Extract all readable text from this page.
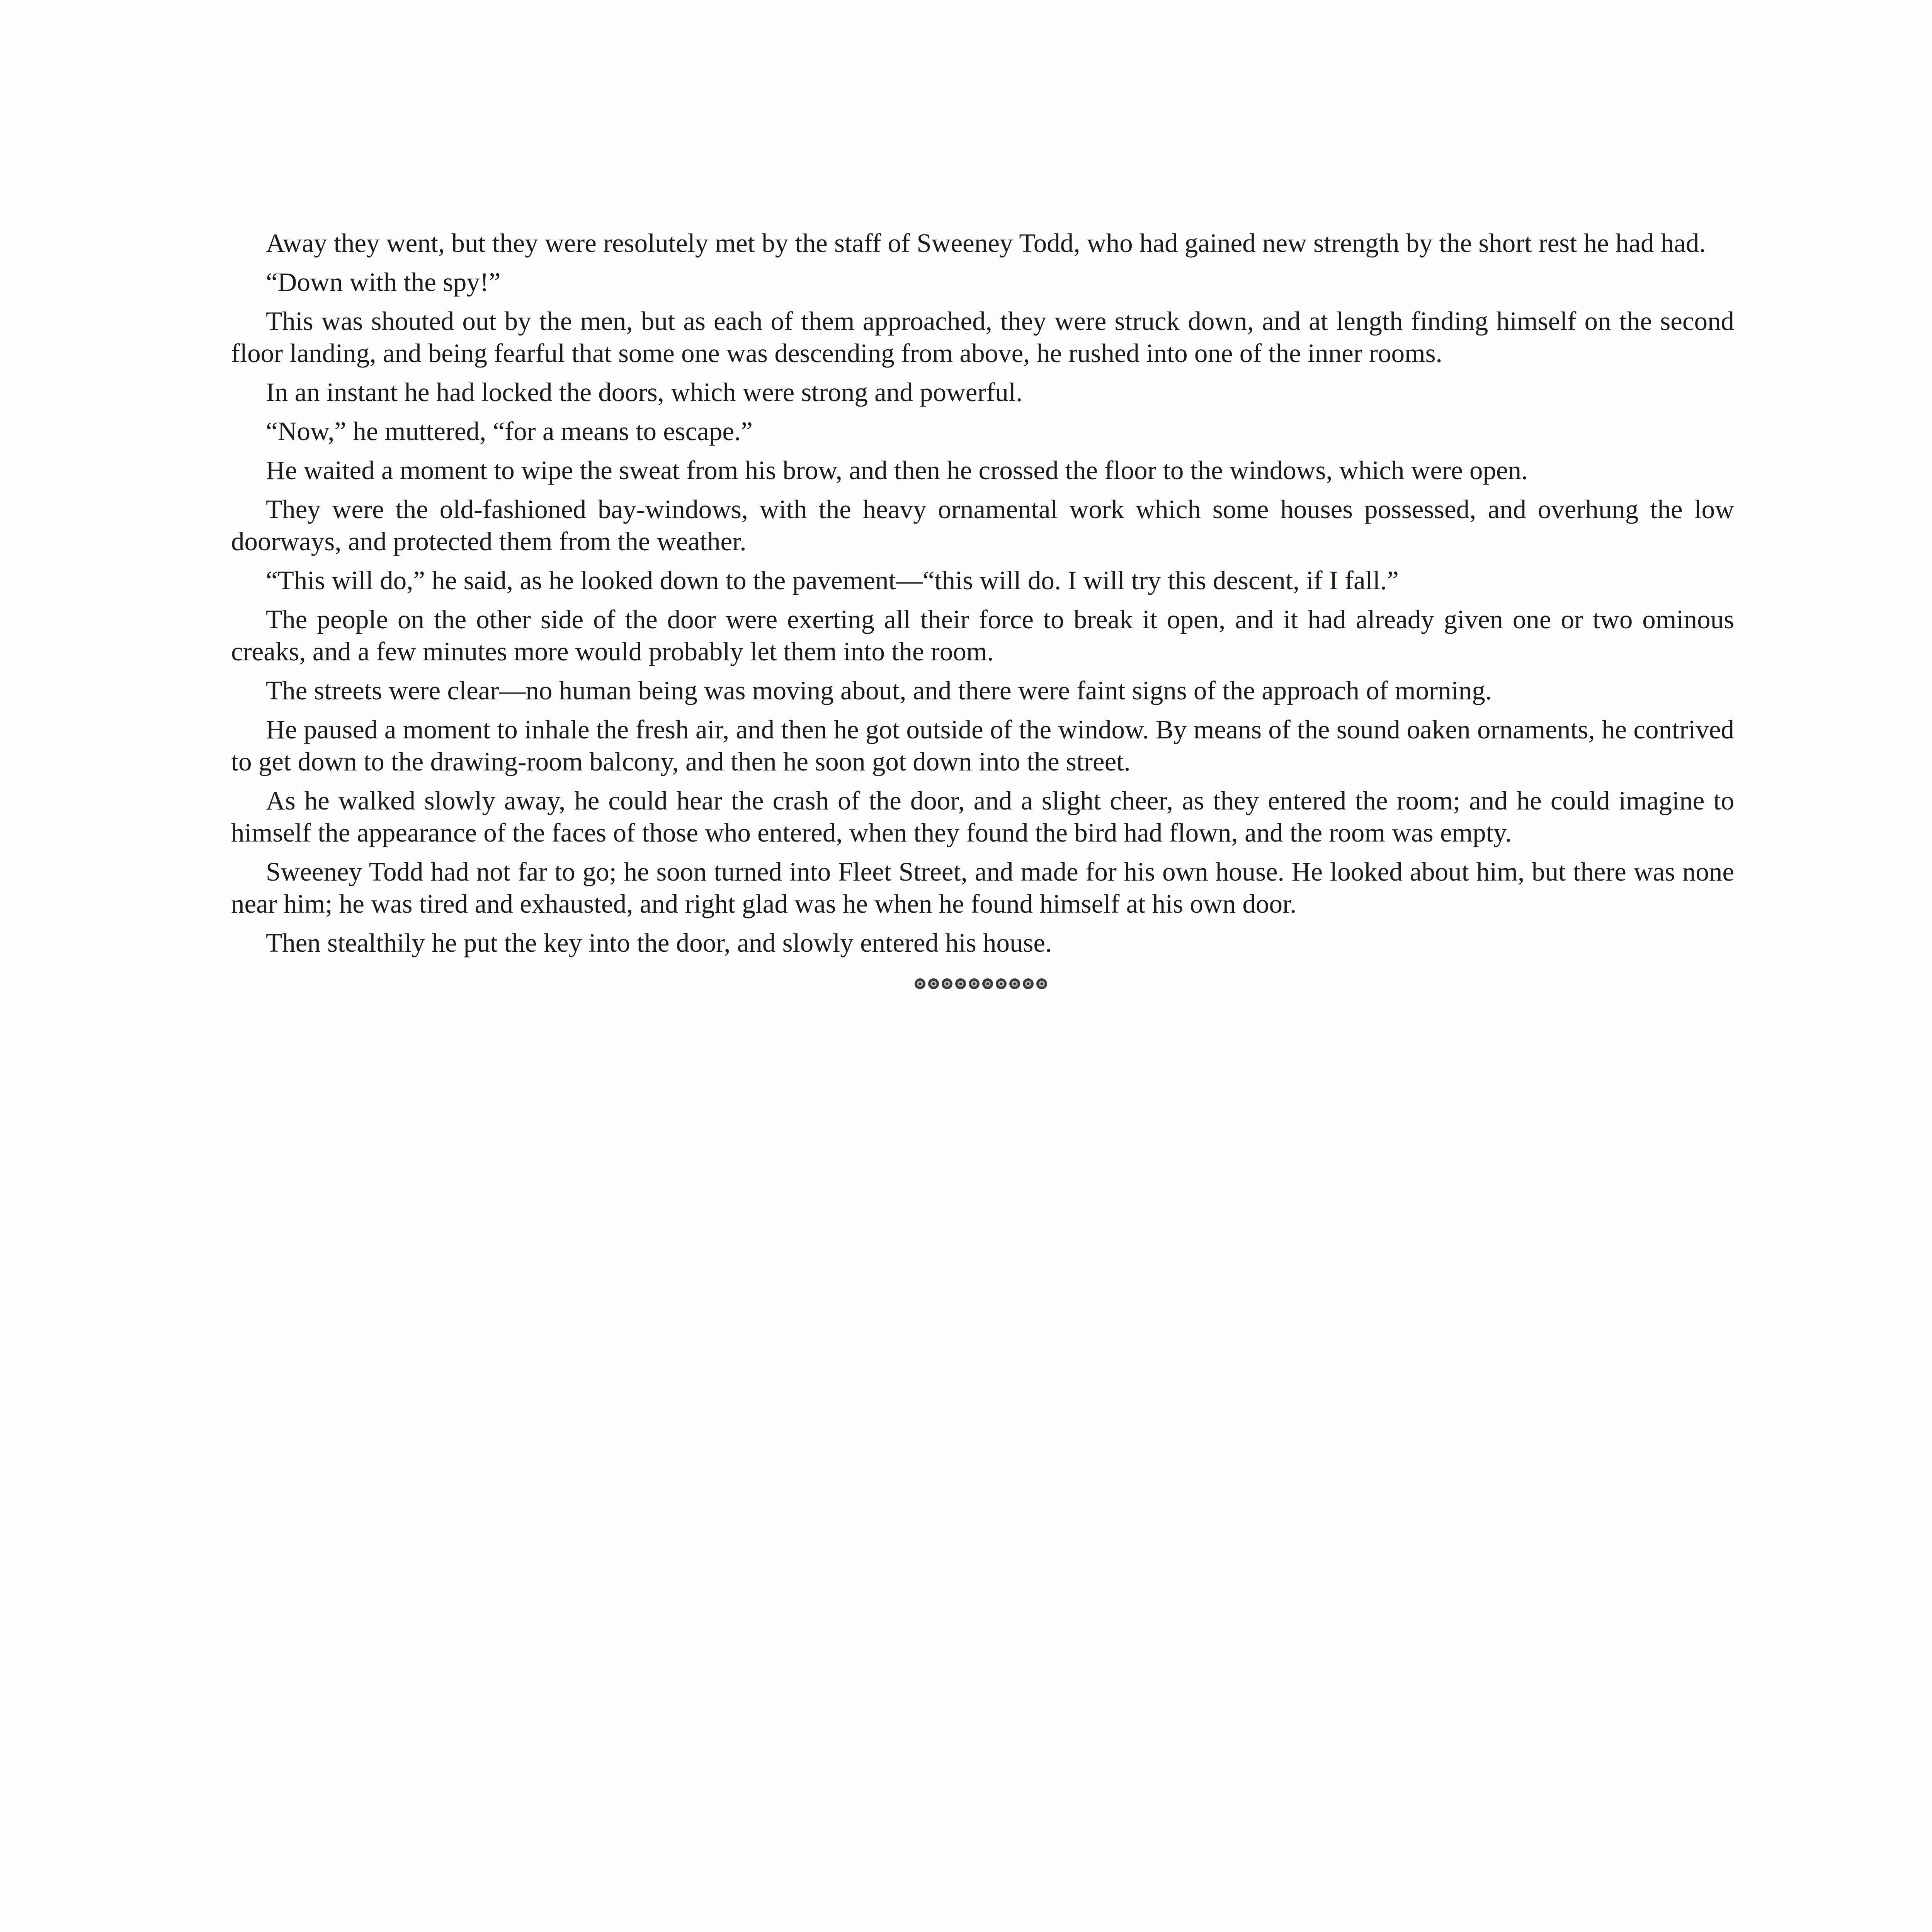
Away they went, but they were resolutely met by the staff of Sweeney Todd, who had gained new strength by the short rest he had had.

“Down with the spy!”

This was shouted out by the men, but as each of them approached, they were struck down, and at length finding himself on the second floor landing, and being fearful that some one was descending from above, he rushed into one of the inner rooms.

In an instant he had locked the doors, which were strong and powerful.

“Now,” he muttered, “for a means to escape.”

He waited a moment to wipe the sweat from his brow, and then he crossed the floor to the windows, which were open.

They were the old-fashioned bay-windows, with the heavy ornamental work which some houses possessed, and overhung the low doorways, and protected them from the weather.

“This will do,” he said, as he looked down to the pavement—“this will do. I will try this descent, if I fall.”

The people on the other side of the door were exerting all their force to break it open, and it had already given one or two ominous creaks, and a few minutes more would probably let them into the room.

The streets were clear—no human being was moving about, and there were faint signs of the approach of morning.

He paused a moment to inhale the fresh air, and then he got outside of the window. By means of the sound oaken ornaments, he contrived to get down to the drawing-room balcony, and then he soon got down into the street.

As he walked slowly away, he could hear the crash of the door, and a slight cheer, as they entered the room; and he could imagine to himself the appearance of the faces of those who entered, when they found the bird had flown, and the room was empty.

Sweeney Todd had not far to go; he soon turned into Fleet Street, and made for his own house. He looked about him, but there was none near him; he was tired and exhausted, and right glad was he when he found himself at his own door.

Then stealthily he put the key into the door, and slowly entered his house.
